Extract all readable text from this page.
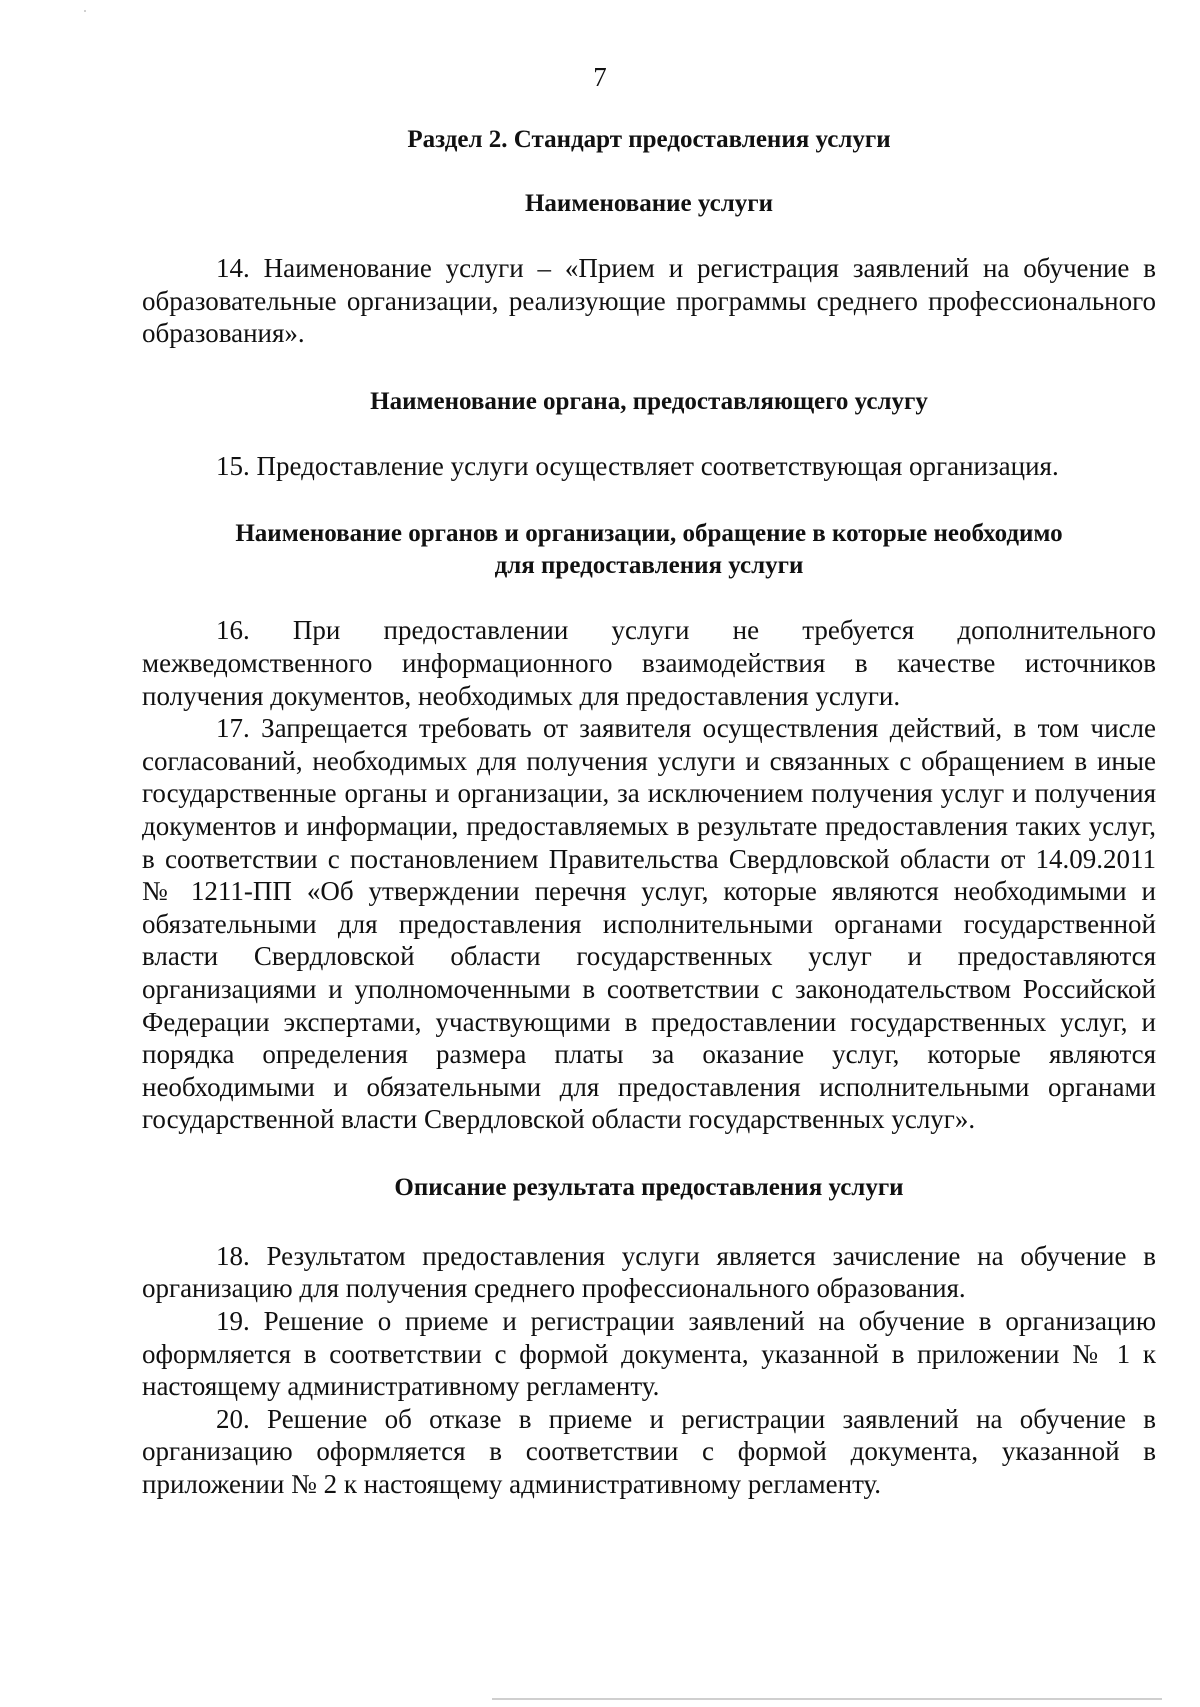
7
Раздел 2. Стандарт предоставления услуги
Наименование услуги

14. Наименование услуги – «Прием и регистрация заявлений на обучение в образовательные организации, реализующие программы среднего профессионального образования».

Наименование органа, предоставляющего услугу

15. Предоставление услуги осуществляет соответствующая организация.

Наименование органов и организации, обращение в которые необходимо
для предоставления услуги

16. При предоставлении услуги не требуется дополнительного межведомственного информационного взаимодействия в качестве источников получения документов, необходимых для предоставления услуги.

17. Запрещается требовать от заявителя осуществления действий, в том числе согласований, необходимых для получения услуги и связанных с обращением в иные государственные органы и организации, за исключением получения услуг и получения документов и информации, предоставляемых в результате предоставления таких услуг, в соответствии с постановлением Правительства Свердловской области от 14.09.2011 № 1211-ПП «Об утверждении перечня услуг, которые являются необходимыми и обязательными для предоставления исполнительными органами государственной власти Свердловской области государственных услуг и предоставляются организациями и уполномоченными в соответствии с законодательством Российской Федерации экспертами, участвующими в предоставлении государственных услуг, и порядка определения размера платы за оказание услуг, которые являются необходимыми и обязательными для предоставления исполнительными органами государственной власти Свердловской области государственных услуг».

Описание результата предоставления услуги

18. Результатом предоставления услуги является зачисление на обучение в организацию для получения среднего профессионального образования.

19. Решение о приеме и регистрации заявлений на обучение в организацию оформляется в соответствии с формой документа, указанной в приложении № 1 к настоящему административному регламенту.

20. Решение об отказе в приеме и регистрации заявлений на обучение в организацию оформляется в соответствии с формой документа, указанной в приложении № 2 к настоящему административному регламенту.
